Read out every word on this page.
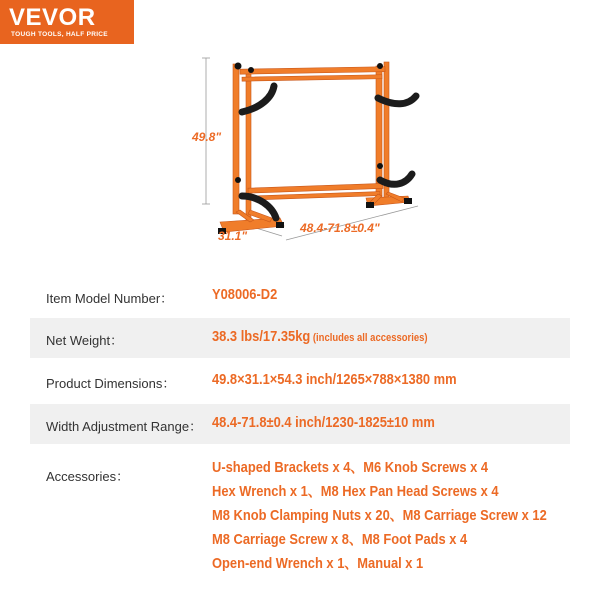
VEVOR
TOUGH TOOLS, HALF PRICE
49.8"
31.1"
48.4-71.8±0.4"
Item Model Number：	Y08006-D2
Net Weight：	38.3 lbs/17.35kg (includes all accessories)
Product Dimensions： 49.8×31.1×54.3 inch/1265×788×1380 mm
Width Adjustment Range： 48.4-71.8±0.4 inch/1230-1825±10 mm
Accessories：
U-shaped Brackets x 4、M6 Knob Screws x 4
Hex Wrench x 1、M8 Hex Pan Head Screws x 4
M8 Knob Clamping Nuts x 20、M8 Carriage Screw x 12
M8 Carriage Screw x 8、M8 Foot Pads x 4
Open-end Wrench x 1、Manual x 1
